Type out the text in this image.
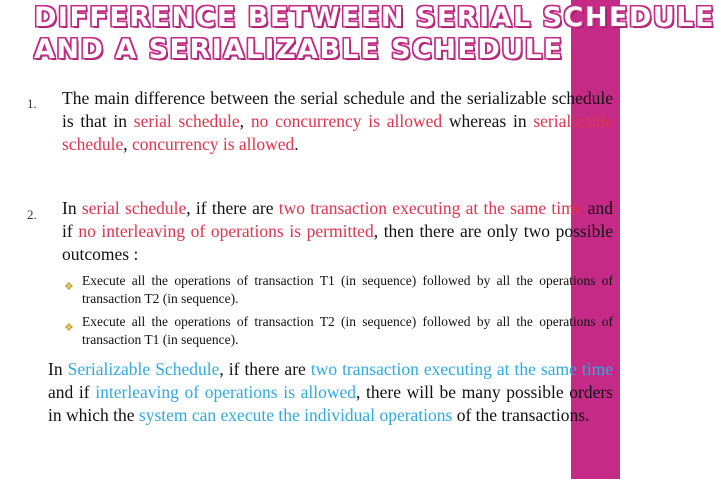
DIFFERENCE BETWEEN SERIAL SCHEDULE
AND A SERIALIZABLE SCHEDULE
1. The main difference between the serial schedule and the serializable schedule is that in serial schedule, no concurrency is allowed whereas in serializable schedule, concurrency is allowed.
2. In serial schedule, if there are two transaction executing at the same time and if no interleaving of operations is permitted, then there are only two possible outcomes :
❖ Execute all the operations of transaction T1 (in sequence) followed by all the operations of transaction T2 (in sequence).
❖ Execute all the operations of transaction T2 (in sequence) followed by all the operations of transaction T1 (in sequence).
In Serializable Schedule, if there are two transaction executing at the same time and if interleaving of operations is allowed, there will be many possible orders in which the system can execute the individual operations of the transactions.
